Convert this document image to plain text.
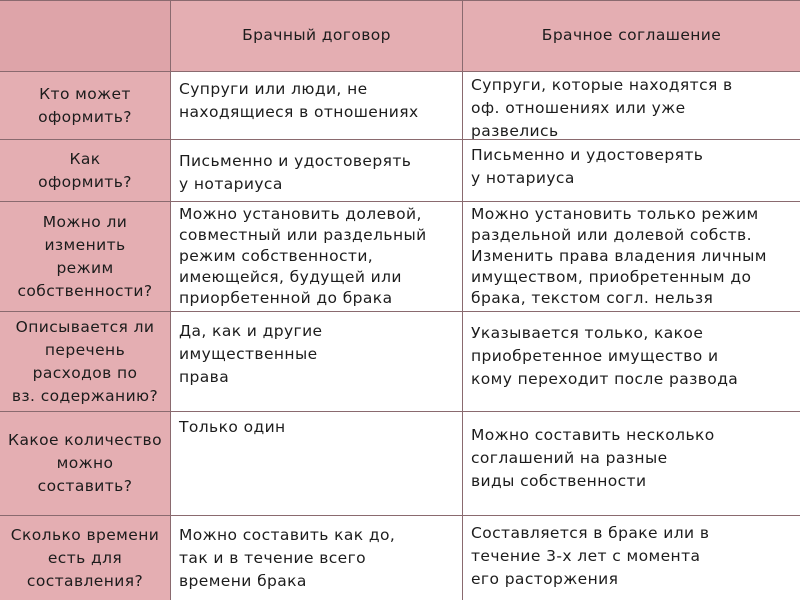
Брачный договор	Брачное соглашение
Кто может
оформить?
Супруги или люди, не
находящиеся в отношениях
Супруги, которые находятся в
оф. отношениях или уже
развелись
Как
оформить?
Письменно и удостоверять
у нотариуса
Письменно и удостоверять
у нотариуса
Можно ли
изменить
режим
собственности?
Можно установить долевой,
совместный или раздельный
режим собственности,
имеющейся, будущей или
приорбетенной до брака
Можно установить только режим
раздельной или долевой собств.
Изменить права владения личным
имуществом, приобретенным до
брака, текстом согл. нельзя
Описывается ли
перечень
расходов по
вз. содержанию?
Да, как и другие
имущественные
права
Указывается только, какое
приобретенное имущество и
кому переходит после развода
Какое количество
можно
составить?
Только один	Можно составить несколько
соглашений на разные
виды собственности
Сколько времени
есть для
составления?
Можно составить как до,
так и в течение всего
времени брака
Составляется в браке или в
течение 3-х лет с момента
его расторжения
